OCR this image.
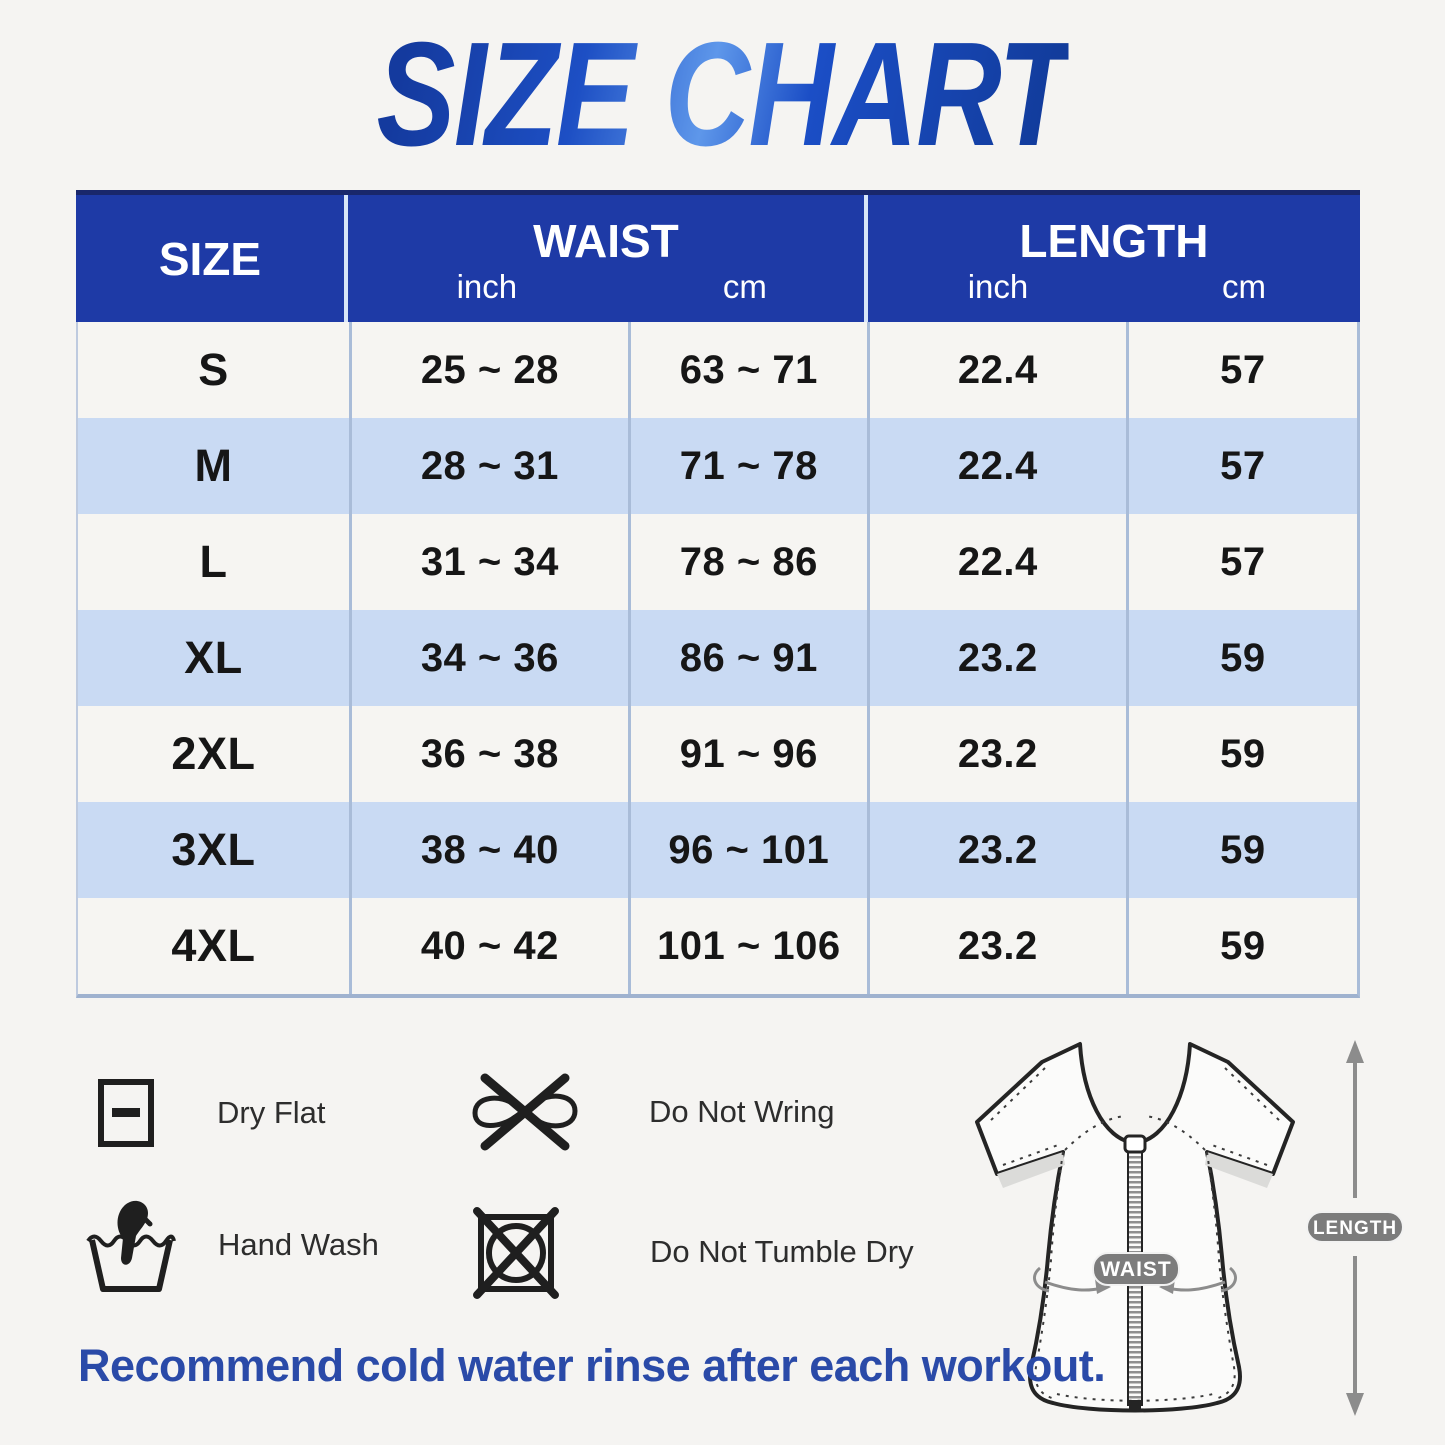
SIZE CHART
SIZE	WAIST
inch	cm
LENGTH
inch	cm
S	25 ~ 28	63 ~ 71	22.4	57
M	28 ~ 31	71 ~ 78	22.4	57
L	31 ~ 34	78 ~ 86	22.4	57
XL	34 ~ 36	86 ~ 91	23.2	59
2XL	36 ~ 38	91 ~ 96	23.2	59
3XL	38 ~ 40	96 ~ 101	23.2	59
4XL	40 ~ 42	101 ~ 106	23.2	59
Dry Flat	Do Not Wring
Hand Wash	Do Not Tumble Dry
WAIST
LENGTH
Recommend cold water rinse after each workout.
